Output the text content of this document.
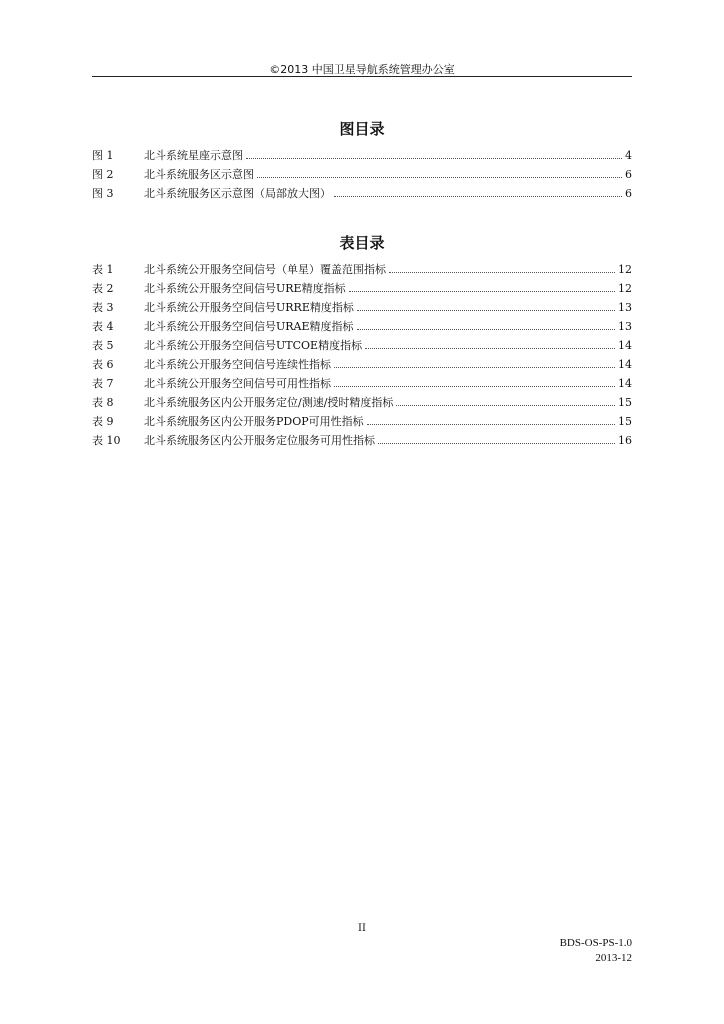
©2013 中国卫星导航系统管理办公室
图目录
图 1	北斗系统星座示意图	4
图 2	北斗系统服务区示意图	6
图 3	北斗系统服务区示意图（局部放大图）	6
表目录
表 1	北斗系统公开服务空间信号（单星）覆盖范围指标	12
表 2	北斗系统公开服务空间信号URE精度指标	12
表 3	北斗系统公开服务空间信号URRE精度指标	13
表 4	北斗系统公开服务空间信号URAE精度指标	13
表 5	北斗系统公开服务空间信号UTCOE精度指标	14
表 6	北斗系统公开服务空间信号连续性指标	14
表 7	北斗系统公开服务空间信号可用性指标	14
表 8	北斗系统服务区内公开服务定位/测速/授时精度指标	15
表 9	北斗系统服务区内公开服务PDOP可用性指标	15
表 10	北斗系统服务区内公开服务定位服务可用性指标	16
II
BDS-OS-PS-1.0
2013-12
